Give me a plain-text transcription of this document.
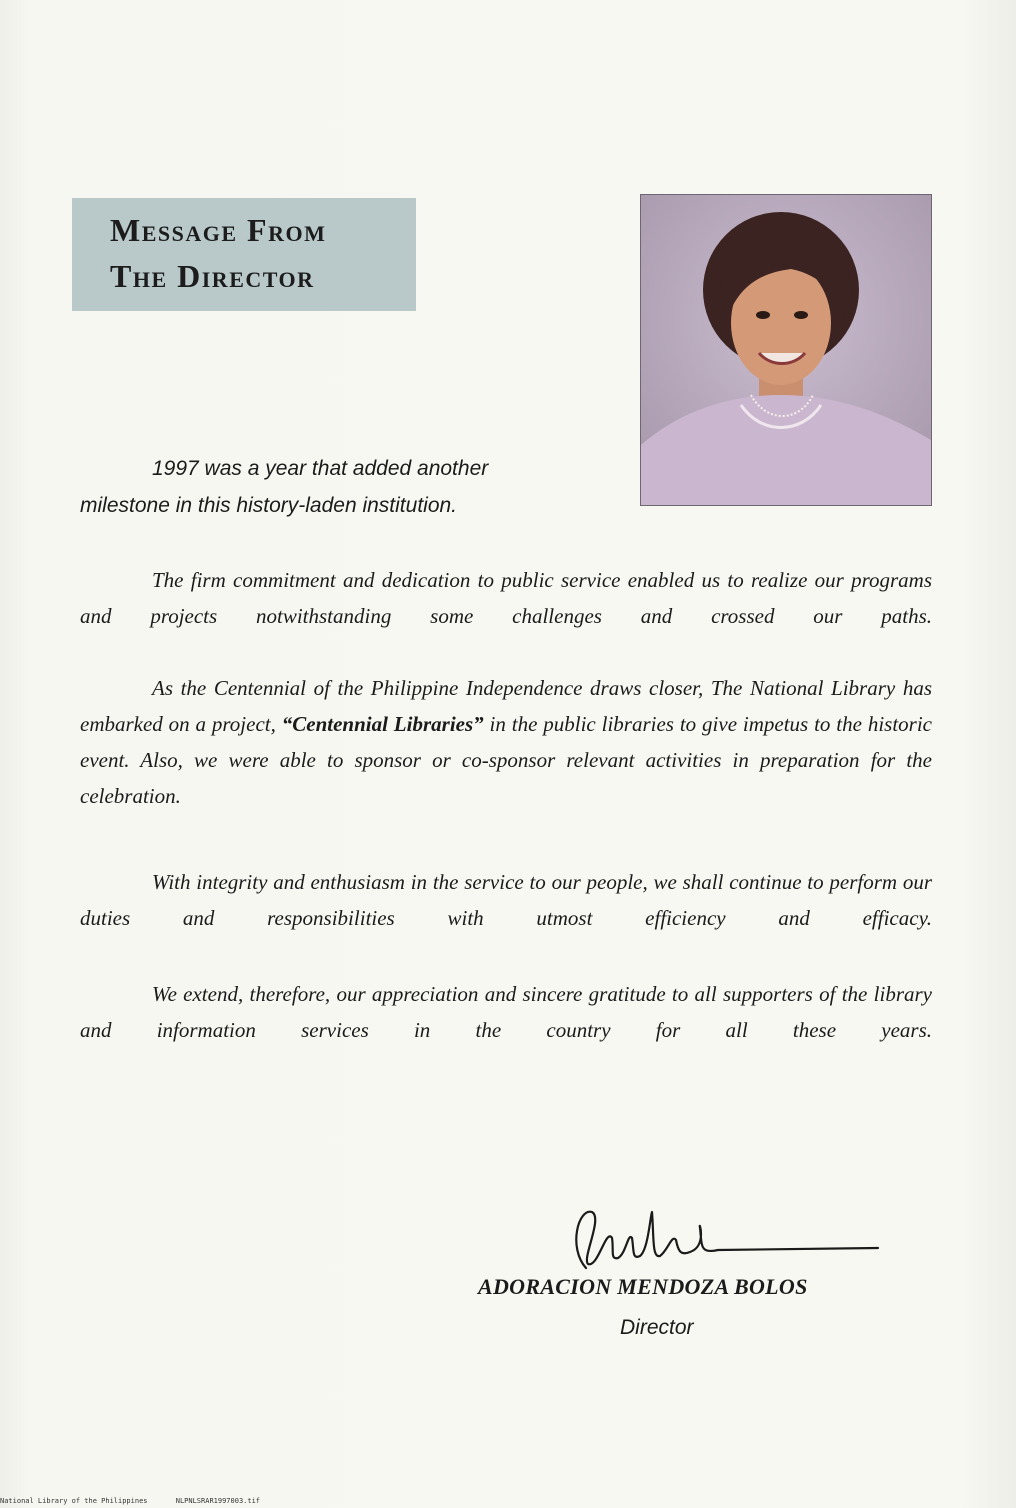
Message From
The Director
1997 was a year that added another
milestone in this history-laden institution.
The firm commitment and dedication to public service enabled us to realize our programs and projects notwithstanding some challenges and crossed our paths.
As the Centennial of the Philippine Independence draws closer, The National Library has embarked on a project, “Centennial Libraries” in the public libraries to give impetus to the historic event. Also, we were able to sponsor or co-sponsor relevant activities in preparation for the celebration.
With integrity and enthusiasm in the service to our people, we shall continue to perform our duties and responsibilities with utmost efficiency and efficacy.
We extend, therefore, our appreciation and sincere gratitude to all supporters of the library and information services in the country for all these years.
ADORACION MENDOZA BOLOS
Director
National Library of the Philippines	NLPNLSRAR1997003.tif
